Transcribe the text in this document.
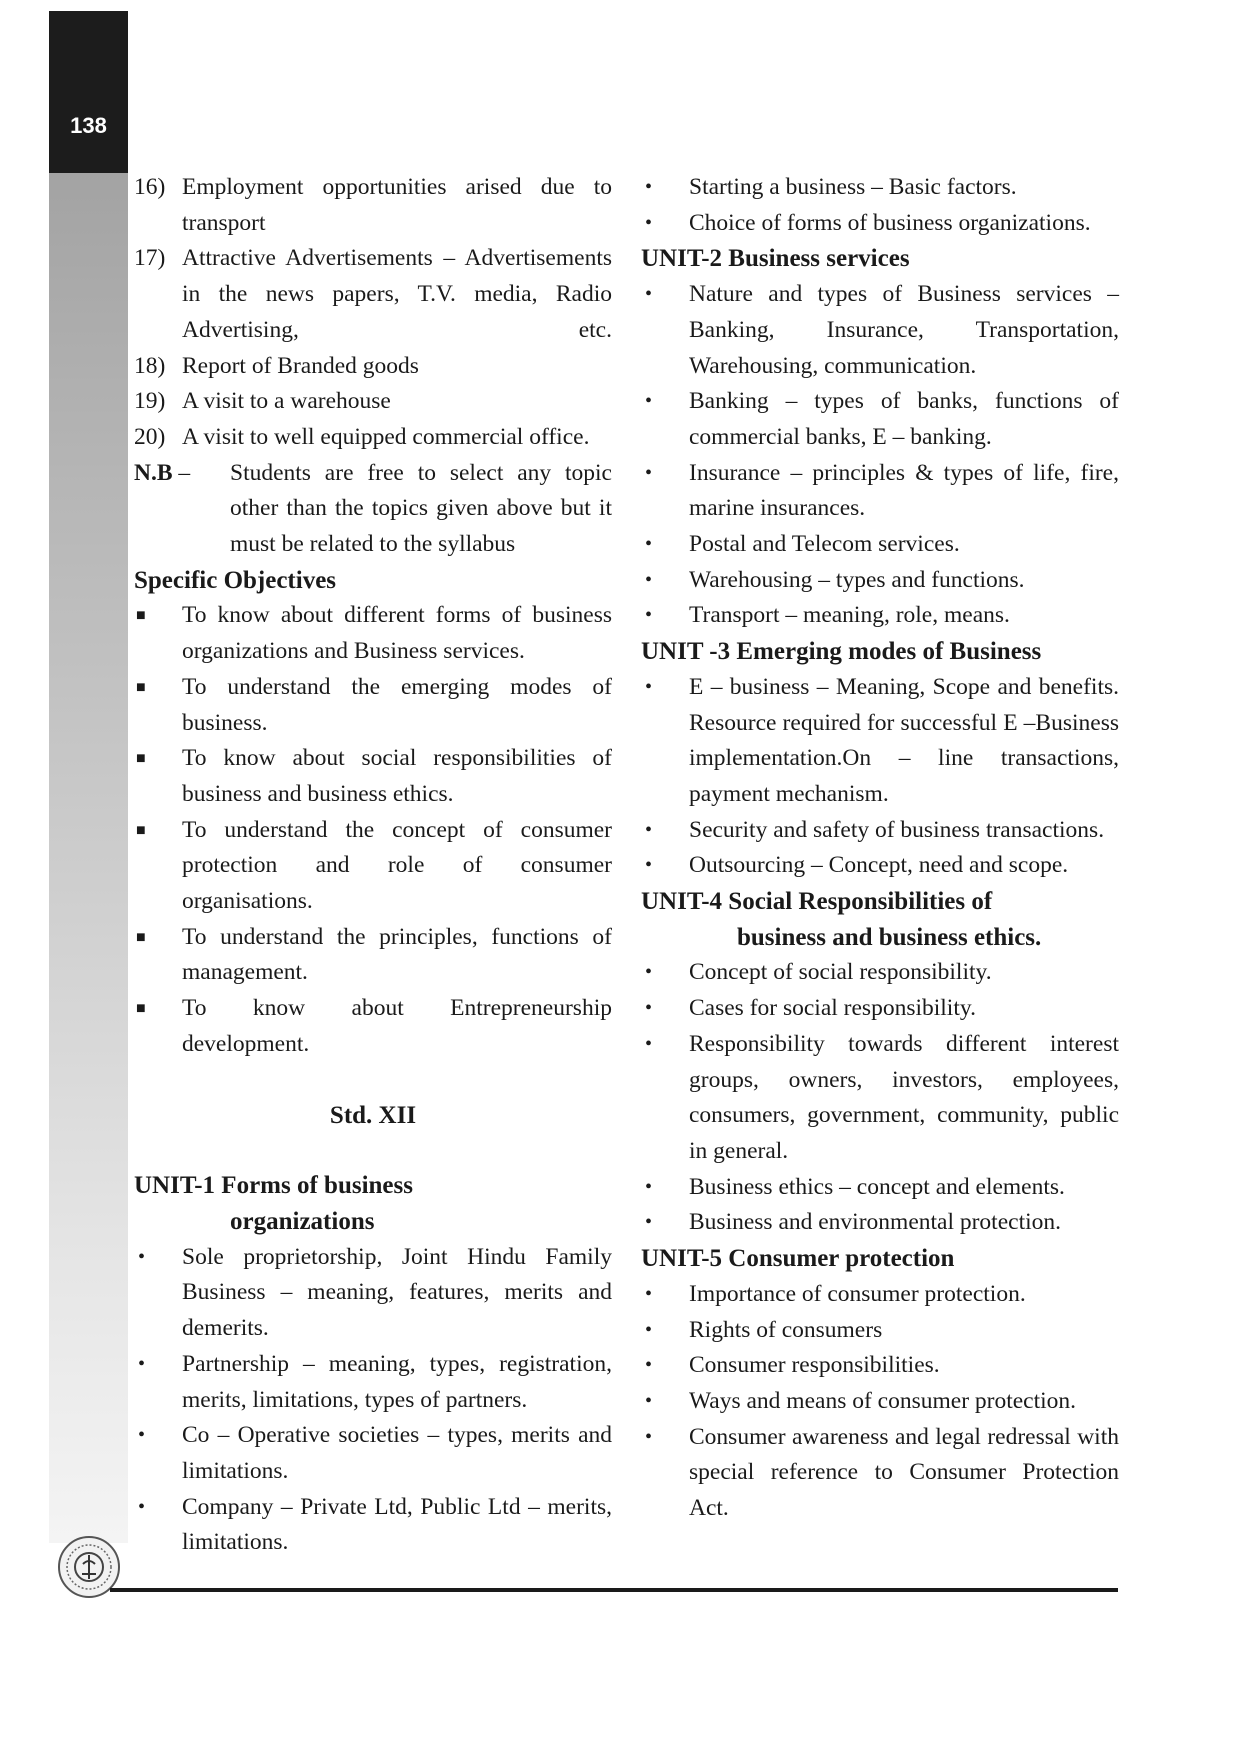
138
16) Employment opportunities arised due to transport
17) Attractive Advertisements – Advertisements in the news papers, T.V. media, Radio Advertising, etc.
18) Report of Branded goods
19) A visit to a warehouse
20) A visit to well equipped commercial office.
N.B –	Students are free to select any topic other than the topics given above but it must be related to the syllabus
Specific Objectives
■	To know about different forms of business organizations and Business services.
■	To understand the emerging modes of business.
■	To know about social responsibilities of business and business ethics.
■	To understand the concept of consumer protection and role of consumer organisations.
■	To understand the principles, functions of management.
■	To know about Entrepreneurship development.
Std. XII
UNIT-1 Forms of business
organizations
•	Sole proprietorship, Joint Hindu Family Business – meaning, features, merits and demerits.
•	Partnership – meaning, types, registration, merits, limitations, types of partners.
•	Co – Operative societies – types, merits and limitations.
•	Company – Private Ltd, Public Ltd – merits, limitations.
•	Starting a business – Basic factors.
•	Choice of forms of business organizations.
UNIT-2 Business services
•	Nature and types of Business services – Banking, Insurance, Transportation, Warehousing, communication.
•	Banking – types of banks, functions of commercial banks, E – banking.
•	Insurance – principles & types of life, fire, marine insurances.
•	Postal and Telecom services.
•	Warehousing – types and functions.
•	Transport – meaning, role, means.
UNIT -3 Emerging modes of Business
•	E – business – Meaning, Scope and benefits. Resource required for successful E –Business implementation.On – line transactions, payment mechanism.
•	Security and safety of business transactions.
•	Outsourcing – Concept, need and scope.
UNIT-4 Social Responsibilities of
business and business ethics.
•	Concept of social responsibility.
•	Cases for social responsibility.
•	Responsibility towards different interest groups, owners, investors, employees, consumers, government, community, public in general.
•	Business ethics – concept and elements.
•	Business and environmental protection.
UNIT-5 Consumer protection
•	Importance of consumer protection.
•	Rights of consumers
•	Consumer responsibilities.
•	Ways and means of consumer protection.
•	Consumer awareness and legal redressal with special reference to Consumer Protection Act.
